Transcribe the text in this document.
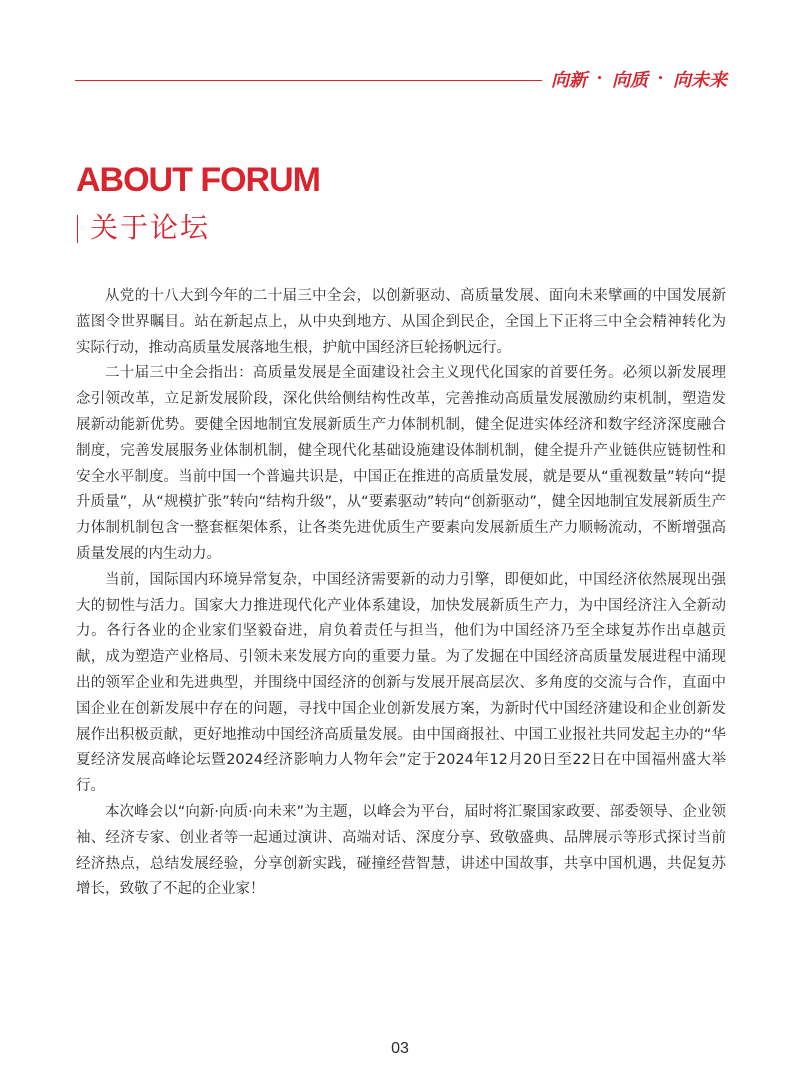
向新 • 向质 • 向未来
ABOUT FORUM
关于论坛

从党的十八大到今年的二十届三中全会，以创新驱动、高质量发展、面向未来擘画的中国发展新蓝图令世界瞩目。站在新起点上，从中央到地方、从国企到民企，全国上下正将三中全会精神转化为实际行动，推动高质量发展落地生根，护航中国经济巨轮扬帆远行。

二十届三中全会指出：高质量发展是全面建设社会主义现代化国家的首要任务。必须以新发展理念引领改革，立足新发展阶段，深化供给侧结构性改革，完善推动高质量发展激励约束机制，塑造发展新动能新优势。要健全因地制宜发展新质生产力体制机制，健全促进实体经济和数字经济深度融合制度，完善发展服务业体制机制，健全现代化基础设施建设体制机制，健全提升产业链供应链韧性和安全水平制度。当前中国一个普遍共识是，中国正在推进的高质量发展，就是要从“重视数量”转向“提升质量”，从“规模扩张”转向“结构升级”，从“要素驱动”转向“创新驱动”，健全因地制宜发展新质生产力体制机制包含一整套框架体系，让各类先进优质生产要素向发展新质生产力顺畅流动，不断增强高质量发展的内生动力。

当前，国际国内环境异常复杂，中国经济需要新的动力引擎，即便如此，中国经济依然展现出强大的韧性与活力。国家大力推进现代化产业体系建设，加快发展新质生产力，为中国经济注入全新动力。各行各业的企业家们坚毅奋进，肩负着责任与担当，他们为中国经济乃至全球复苏作出卓越贡献，成为塑造产业格局、引领未来发展方向的重要力量。为了发掘在中国经济高质量发展进程中涌现出的领军企业和先进典型，并围绕中国经济的创新与发展开展高层次、多角度的交流与合作，直面中国企业在创新发展中存在的问题，寻找中国企业创新发展方案，为新时代中国经济建设和企业创新发展作出积极贡献，更好地推动中国经济高质量发展。由中国商报社、中国工业报社共同发起主办的“华夏经济发展高峰论坛暨2024经济影响力人物年会”定于2024年12月20日至22日在中国福州盛大举行。

本次峰会以“向新·向质·向未来”为主题，以峰会为平台，届时将汇聚国家政要、部委领导、企业领袖、经济专家、创业者等一起通过演讲、高端对话、深度分享、致敬盛典、品牌展示等形式探讨当前经济热点，总结发展经验，分享创新实践，碰撞经营智慧，讲述中国故事，共享中国机遇，共促复苏增长，致敬了不起的企业家！

03
